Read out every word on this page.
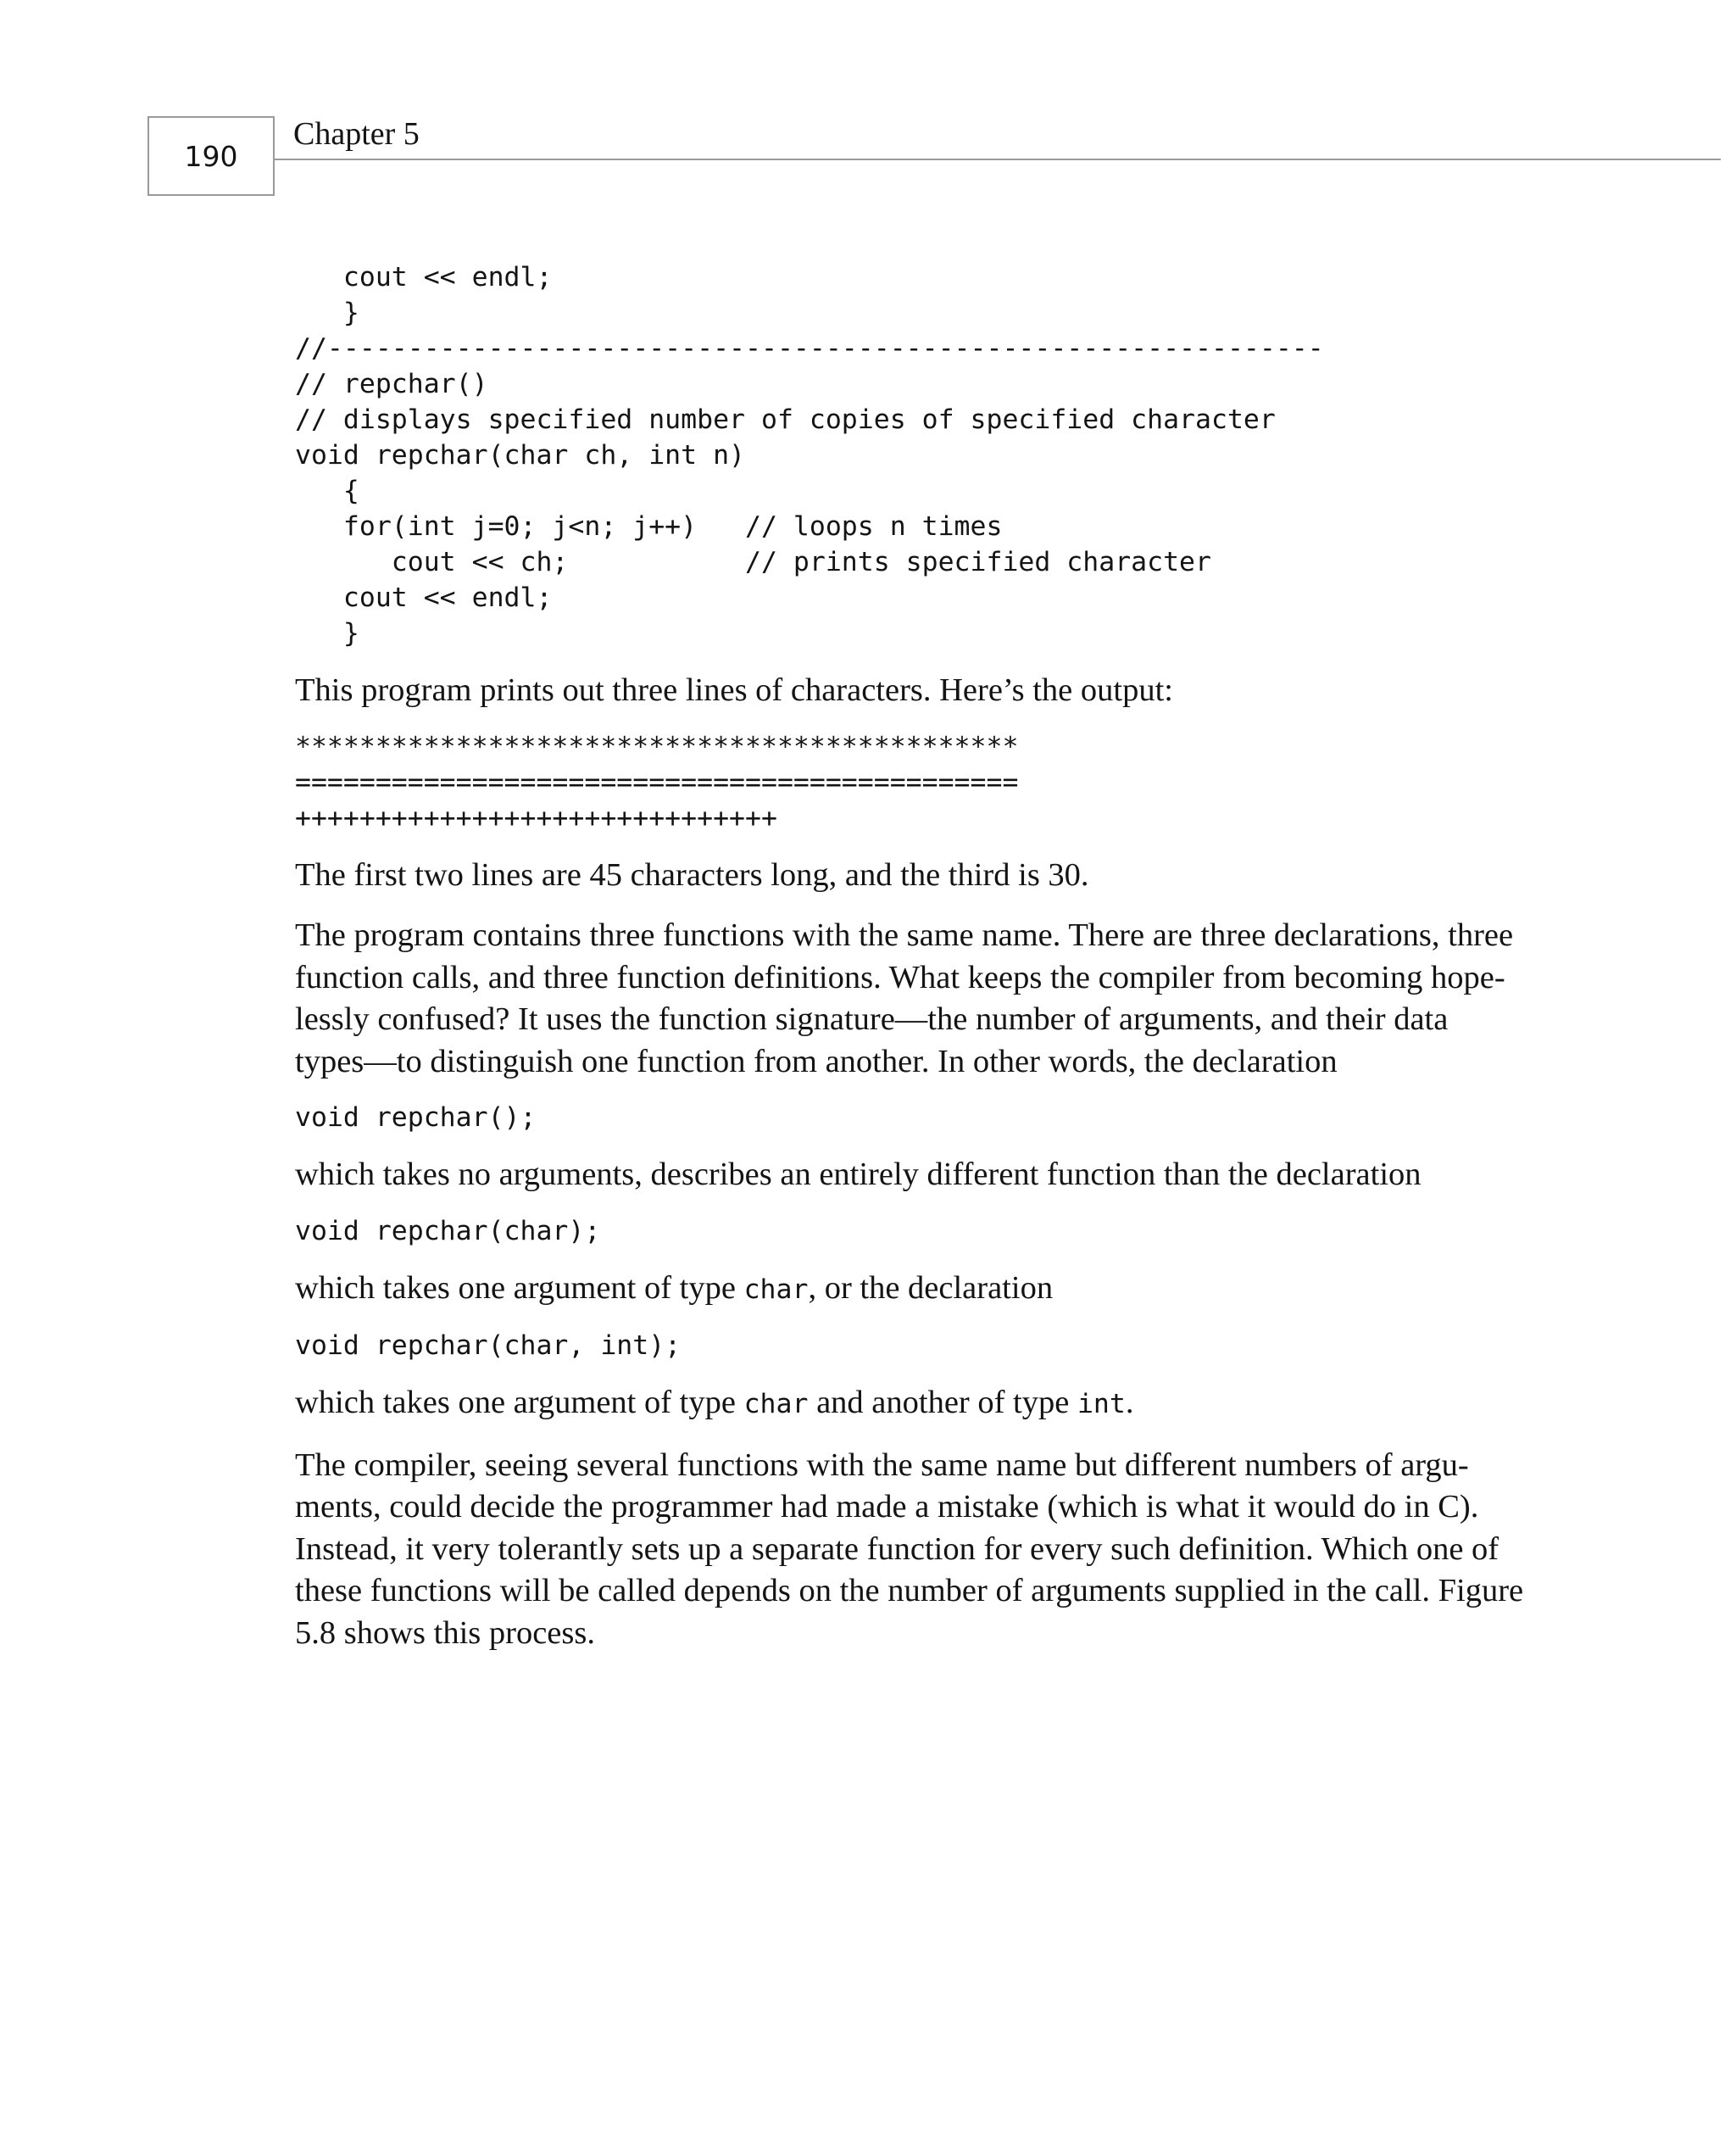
190
Chapter 5
cout << endl;
}
//--------------------------------------------------------------
// repchar()
// displays specified number of copies of specified character
void repchar(char ch, int n)
{
for(int j=0; j<n; j++)   // loops n times
cout << ch;           // prints specified character
cout << endl;
}

This program prints out three lines of characters. Here’s the output:

*********************************************
=============================================
++++++++++++++++++++++++++++++

The first two lines are 45 characters long, and the third is 30.

The program contains three functions with the same name. There are three declarations, three
function calls, and three function definitions. What keeps the compiler from becoming hope-
lessly confused? It uses the function signature—the number of arguments, and their data
types—to distinguish one function from another. In other words, the declaration

void repchar();

which takes no arguments, describes an entirely different function than the declaration

void repchar(char);

which takes one argument of type char, or the declaration

void repchar(char, int);

which takes one argument of type char and another of type int.

The compiler, seeing several functions with the same name but different numbers of argu-
ments, could decide the programmer had made a mistake (which is what it would do in C).
Instead, it very tolerantly sets up a separate function for every such definition. Which one of
these functions will be called depends on the number of arguments supplied in the call. Figure
5.8 shows this process.
